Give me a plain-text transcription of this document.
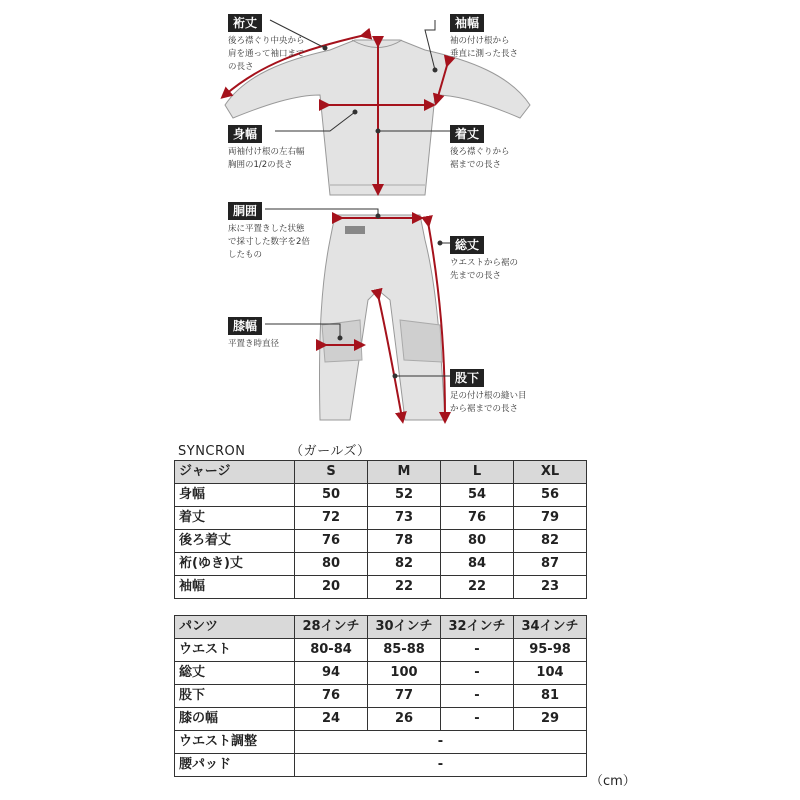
裄丈
後ろ襟ぐり中央から
肩を通って袖口まで
の長さ
袖幅
袖の付け根から
垂直に測った長さ
身幅
両袖付け根の左右幅
胸囲の1/2の長さ
着丈
後ろ襟ぐりから
裾までの長さ
胴囲
床に平置きした状態
で採寸した数字を2倍
したもの
総丈
ウエストから裾の
先までの長さ
膝幅
平置き時直径
股下
足の付け根の縫い目
から裾までの長さ
SYNCRON	（ガールズ）
ジャージ	S	M	L	XL
身幅	50	52	54	56
着丈	72	73	76	79
後ろ着丈	76	78	80	82
裄(ゆき)丈	80	82	84	87
袖幅	20	22	22	23
パンツ	28インチ	30インチ	32インチ	34インチ
ウエスト	80-84	85-88	-	95-98
総丈	94	100	-	104
股下	76	77	-	81
膝の幅	24	26	-	29
ウエスト調整	-			
腰パッド	-			
（cm）
